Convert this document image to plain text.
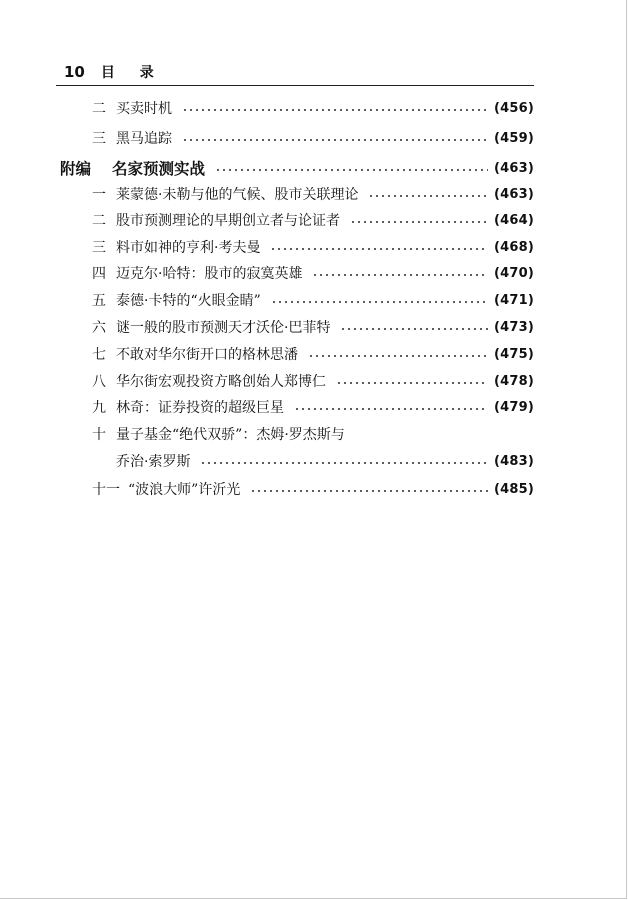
10 目 录
二 买卖时机	(456)
三 黑马追踪	(459)
附编	名家预测实战	(463)
一 莱蒙德·未勒与他的气候、股市关联理论	(463)
二 股市预测理论的早期创立者与论证者	(464)
三 料市如神的亨利·考夫曼	(468)
四 迈克尔·哈特：股市的寂寞英雄	(470)
五 泰德·卡特的“火眼金睛”	(471)
六 谜一般的股市预测天才沃伦·巴菲特	(473)
七 不敢对华尔街开口的格林思潘	(475)
八 华尔街宏观投资方略创始人郑博仁	(478)
九 林奇：证券投资的超级巨星	(479)
十 量子基金“绝代双骄”：杰姆·罗杰斯与
乔治·索罗斯	(483)
十一 “波浪大师”许沂光	(485)
